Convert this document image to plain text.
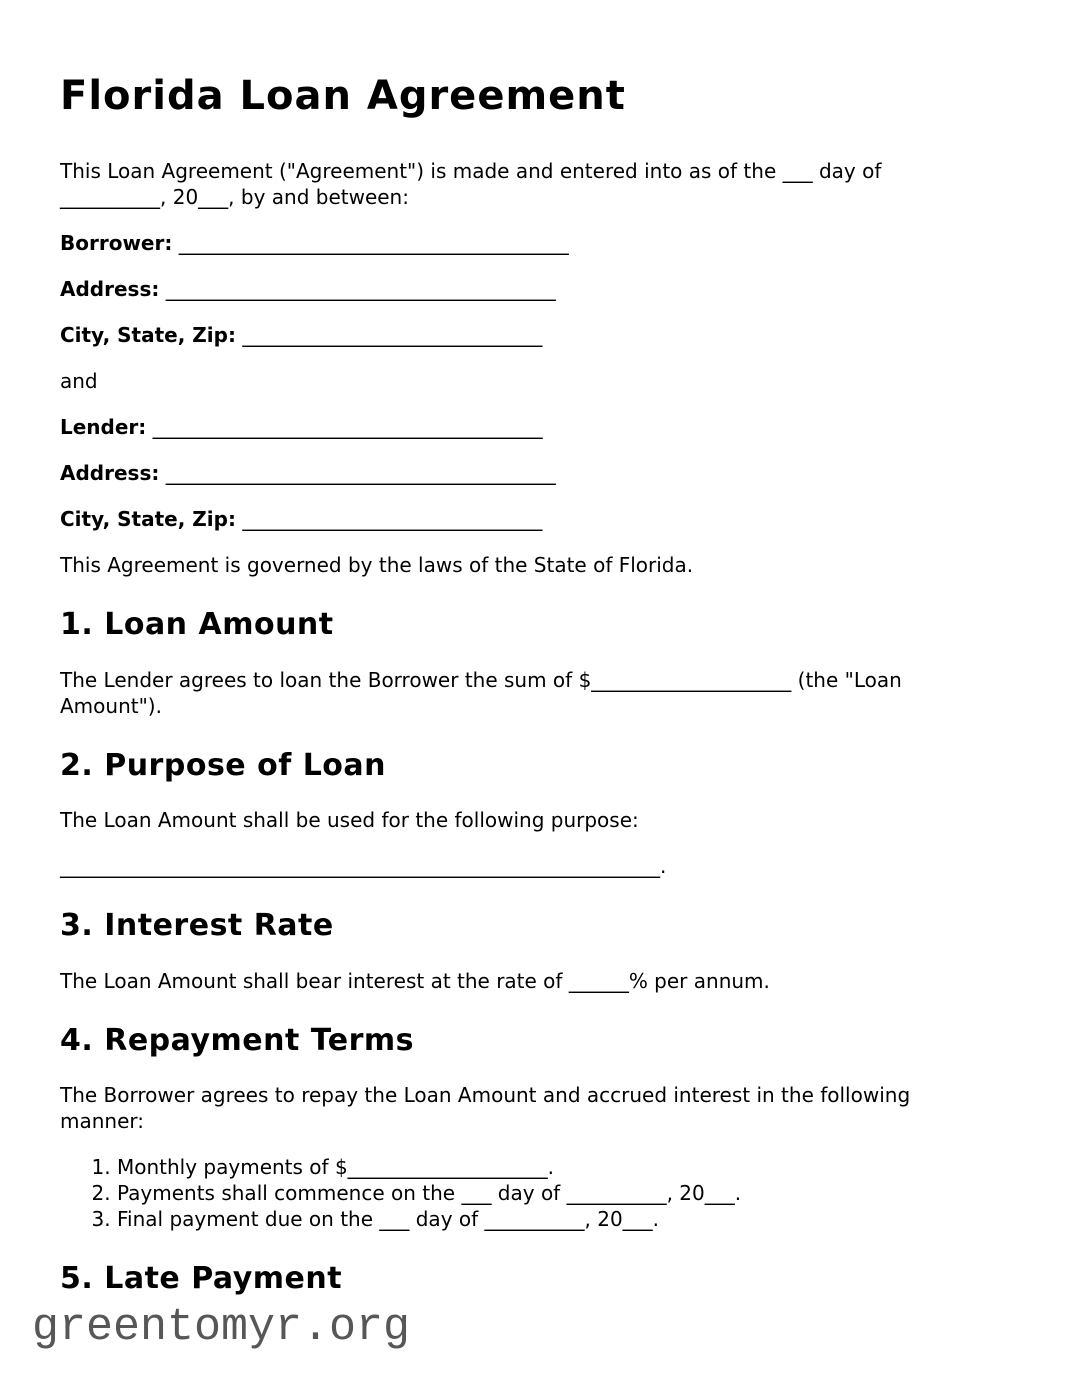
Florida Loan Agreement

This Loan Agreement ("Agreement") is made and entered into as of the ___ day of __________, 20___, by and between:

Borrower: _______________________________________

Address: _______________________________________

City, State, Zip: ______________________________

and

Lender: _______________________________________

Address: _______________________________________

City, State, Zip: ______________________________

This Agreement is governed by the laws of the State of Florida.

1. Loan Amount

The Lender agrees to loan the Borrower the sum of $____________________ (the "Loan Amount").

2. Purpose of Loan

The Loan Amount shall be used for the following purpose:

____________________________________________________________.

3. Interest Rate

The Loan Amount shall bear interest at the rate of ______% per annum.

4. Repayment Terms

The Borrower agrees to repay the Loan Amount and accrued interest in the following manner:

1. Monthly payments of $____________________.
2. Payments shall commence on the ___ day of __________, 20___.
3. Final payment due on the ___ day of __________, 20___.
5. Late Payment
greentomyr.org
